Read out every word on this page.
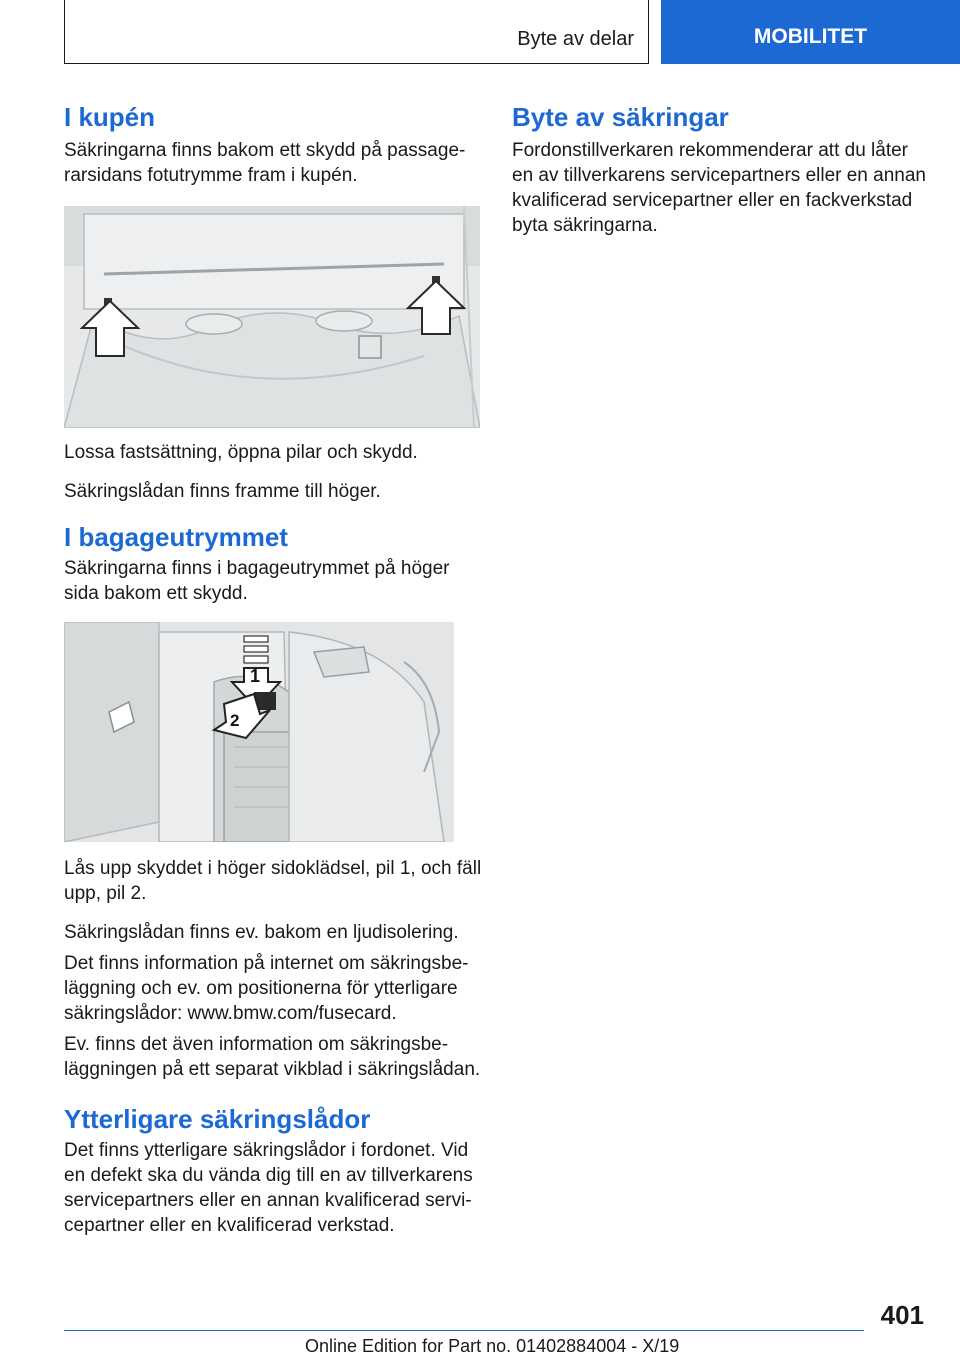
Byte av delar	MOBILITET
I kupén

Säkringarna finns bakom ett skydd på passage-rarsidans fotutrymme fram i kupén.

Lossa fastsättning, öppna pilar och skydd.

Säkringslådan finns framme till höger.

I bagageutrymmet

Säkringarna finns i bagageutrymmet på höger sida bakom ett skydd.

1
2

Lås upp skyddet i höger sidoklädsel, pil 1, och fäll upp, pil 2.

Säkringslådan finns ev. bakom en ljudisolering.

Det finns information på internet om säkringsbe-läggning och ev. om positionerna för ytterligare säkringslådor: www.bmw.com/fusecard.

Ev. finns det även information om säkringsbe-läggningen på ett separat vikblad i säkringslådan.

Ytterligare säkringslådor

Det finns ytterligare säkringslådor i fordonet. Vid en defekt ska du vända dig till en av tillverkarens servicepartners eller en annan kvalificerad servi-cepartner eller en kvalificerad verkstad.

Byte av säkringar

Fordonstillverkaren rekommenderar att du låter en av tillverkarens servicepartners eller en annan kvalificerad servicepartner eller en fackverkstad byta säkringarna.

401
Online Edition for Part no. 01402884004 - X/19
